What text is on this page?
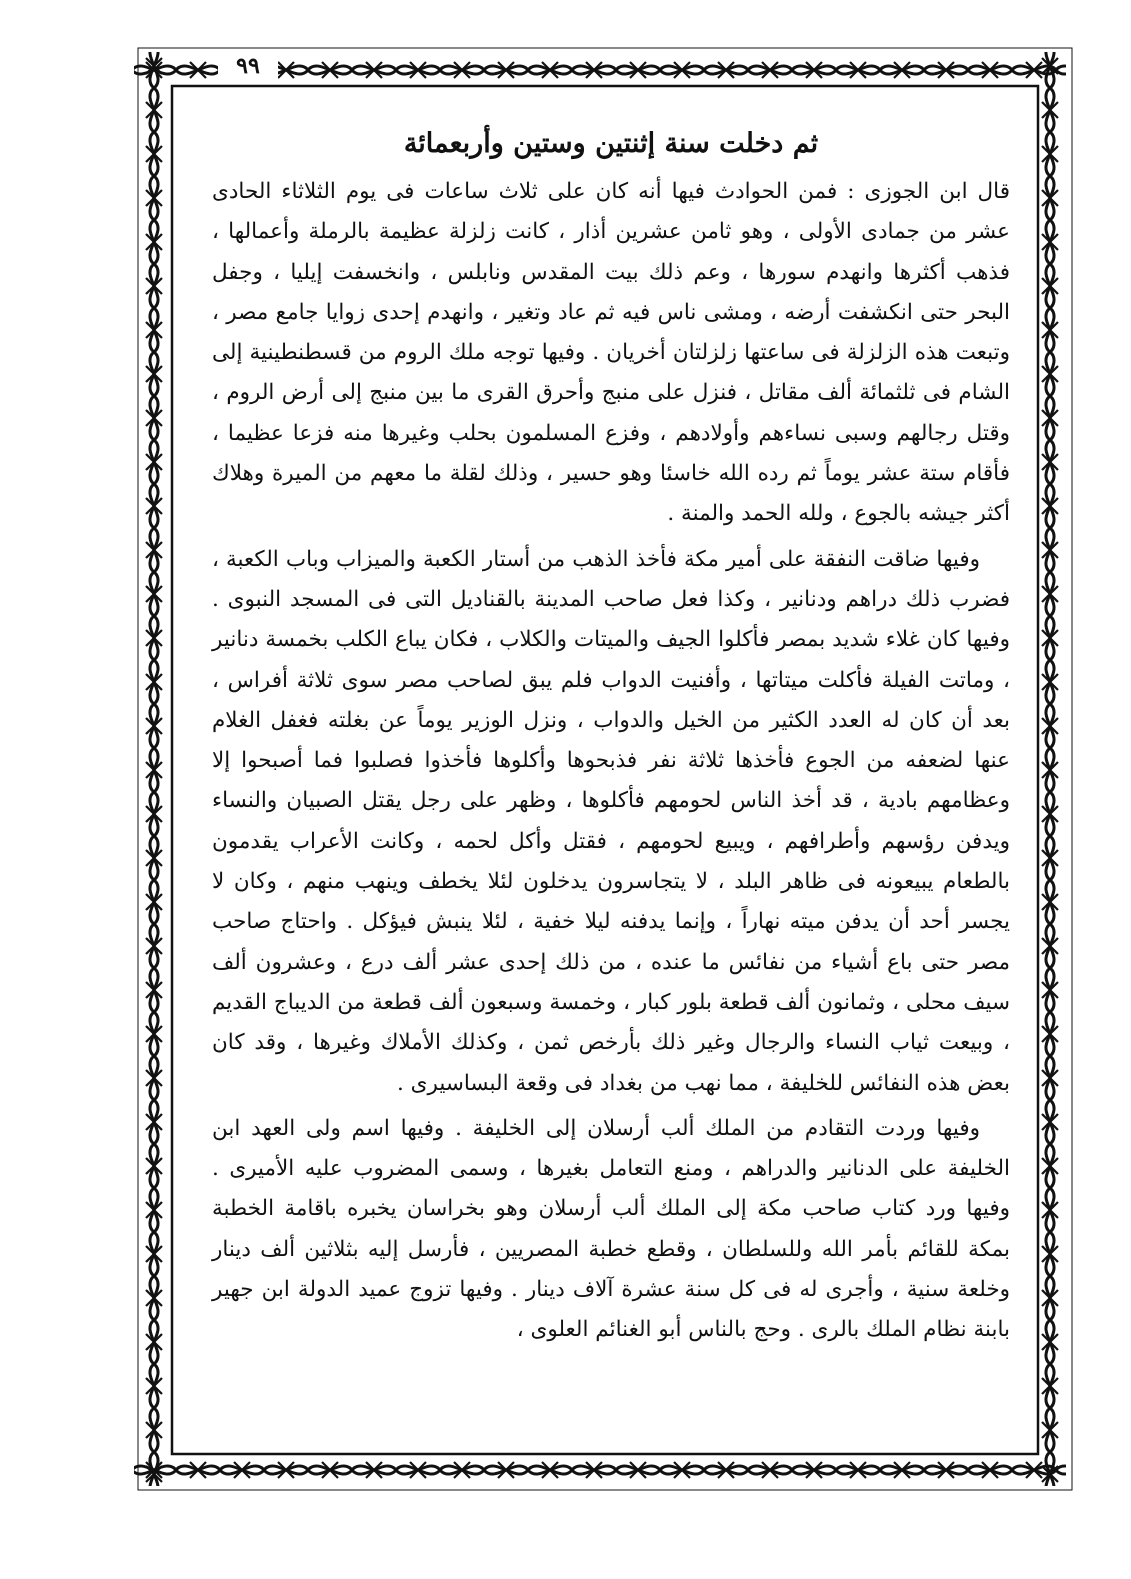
٩٩
ثم دخلت سنة إثنتين وستين وأربعمائة

قال ابن الجوزى : فمن الحوادث فيها أنه كان على ثلاث ساعات فى يوم الثلاثاء الحادى عشر من جمادى الأولى ، وهو ثامن عشرين أذار ، كانت زلزلة عظيمة بالرملة وأعمالها ، فذهب أكثرها وانهدم سورها ، وعم ذلك بيت المقدس ونابلس ، وانخسفت إيليا ، وجفل البحر حتى انكشفت أرضه ، ومشى ناس فيه ثم عاد وتغير ، وانهدم إحدى زوايا جامع مصر ، وتبعت هذه الزلزلة فى ساعتها زلزلتان أخريان . وفيها توجه ملك الروم من قسطنطينية إلى الشام فى ثلثمائة ألف مقاتل ، فنزل على منبج وأحرق القرى ما بين منبج إلى أرض الروم ، وقتل رجالهم وسبى نساءهم وأولادهم ، وفزع المسلمون بحلب وغيرها منه فزعا عظيما ، فأقام ستة عشر يوماً ثم رده الله خاسئا وهو حسير ، وذلك لقلة ما معهم من الميرة وهلاك أكثر جيشه بالجوع ، ولله الحمد والمنة .

وفيها ضاقت النفقة على أمير مكة فأخذ الذهب من أستار الكعبة والميزاب وباب الكعبة ، فضرب ذلك دراهم ودنانير ، وكذا فعل صاحب المدينة بالقناديل التى فى المسجد النبوى . وفيها كان غلاء شديد بمصر فأكلوا الجيف والميتات والكلاب ، فكان يباع الكلب بخمسة دنانير ، وماتت الفيلة فأكلت ميتاتها ، وأفنيت الدواب فلم يبق لصاحب مصر سوى ثلاثة أفراس ، بعد أن كان له العدد الكثير من الخيل والدواب ، ونزل الوزير يوماً عن بغلته فغفل الغلام عنها لضعفه من الجوع فأخذها ثلاثة نفر فذبحوها وأكلوها فأخذوا فصلبوا فما أصبحوا إلا وعظامهم بادية ، قد أخذ الناس لحومهم فأكلوها ، وظهر على رجل يقتل الصبيان والنساء ويدفن رؤسهم وأطرافهم ، ويبيع لحومهم ، فقتل وأكل لحمه ، وكانت الأعراب يقدمون بالطعام يبيعونه فى ظاهر البلد ، لا يتجاسرون يدخلون لئلا يخطف وينهب منهم ، وكان لا يجسر أحد أن يدفن ميته نهاراً ، وإنما يدفنه ليلا خفية ، لئلا ينبش فيؤكل . واحتاج صاحب مصر حتى باع أشياء من نفائس ما عنده ، من ذلك إحدى عشر ألف درع ، وعشرون ألف سيف محلى ، وثمانون ألف قطعة بلور كبار ، وخمسة وسبعون ألف قطعة من الديباج القديم ، وبيعت ثياب النساء والرجال وغير ذلك بأرخص ثمن ، وكذلك الأملاك وغيرها ، وقد كان بعض هذه النفائس للخليفة ، مما نهب من بغداد فى وقعة البساسيرى .

وفيها وردت التقادم من الملك ألب أرسلان إلى الخليفة . وفيها اسم ولى العهد ابن الخليفة على الدنانير والدراهم ، ومنع التعامل بغيرها ، وسمى المضروب عليه الأميرى . وفيها ورد كتاب صاحب مكة إلى الملك ألب أرسلان وهو بخراسان يخبره باقامة الخطبة بمكة للقائم بأمر الله وللسلطان ، وقطع خطبة المصريين ، فأرسل إليه بثلاثين ألف دينار وخلعة سنية ، وأجرى له فى كل سنة عشرة آلاف دينار . وفيها تزوج عميد الدولة ابن جهير بابنة نظام الملك بالرى . وحج بالناس أبو الغنائم العلوى ،
